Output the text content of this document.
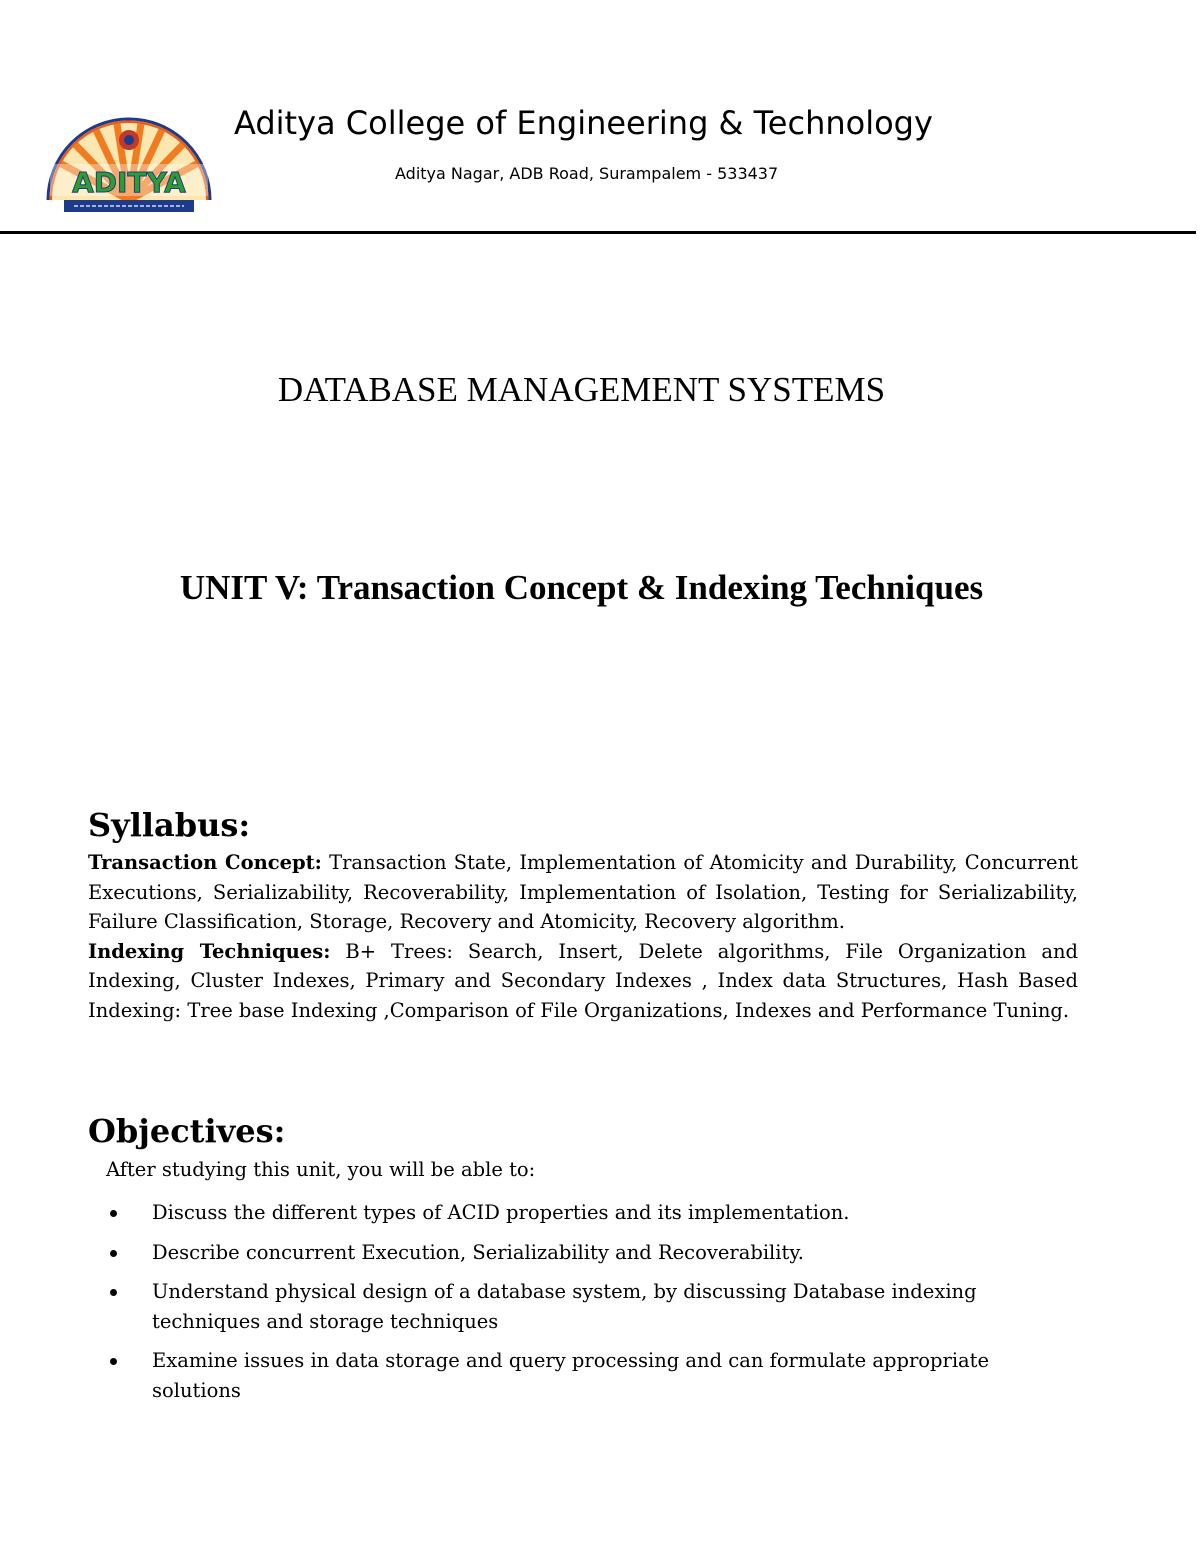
ADITYA
Aditya College of Engineering & Technology
Aditya Nagar, ADB Road, Surampalem - 533437
DATABASE MANAGEMENT SYSTEMS
UNIT V: Transaction Concept & Indexing Techniques
Syllabus:

Transaction Concept: Transaction State, Implementation of Atomicity and Durability, Concurrent Executions, Serializability, Recoverability, Implementation of Isolation, Testing for Serializability, Failure Classification, Storage, Recovery and Atomicity, Recovery algorithm.

Indexing Techniques: B+ Trees: Search, Insert, Delete algorithms, File Organization and Indexing, Cluster Indexes, Primary and Secondary Indexes , Index data Structures, Hash Based Indexing: Tree base Indexing ,Comparison of File Organizations, Indexes and Performance Tuning.

Objectives:
After studying this unit, you will be able to:
Discuss the different types of ACID properties and its implementation.
Describe concurrent Execution, Serializability and Recoverability.
Understand physical design of a database system, by discussing Database indexing techniques and storage techniques
Examine issues in data storage and query processing and can formulate appropriate solutions
